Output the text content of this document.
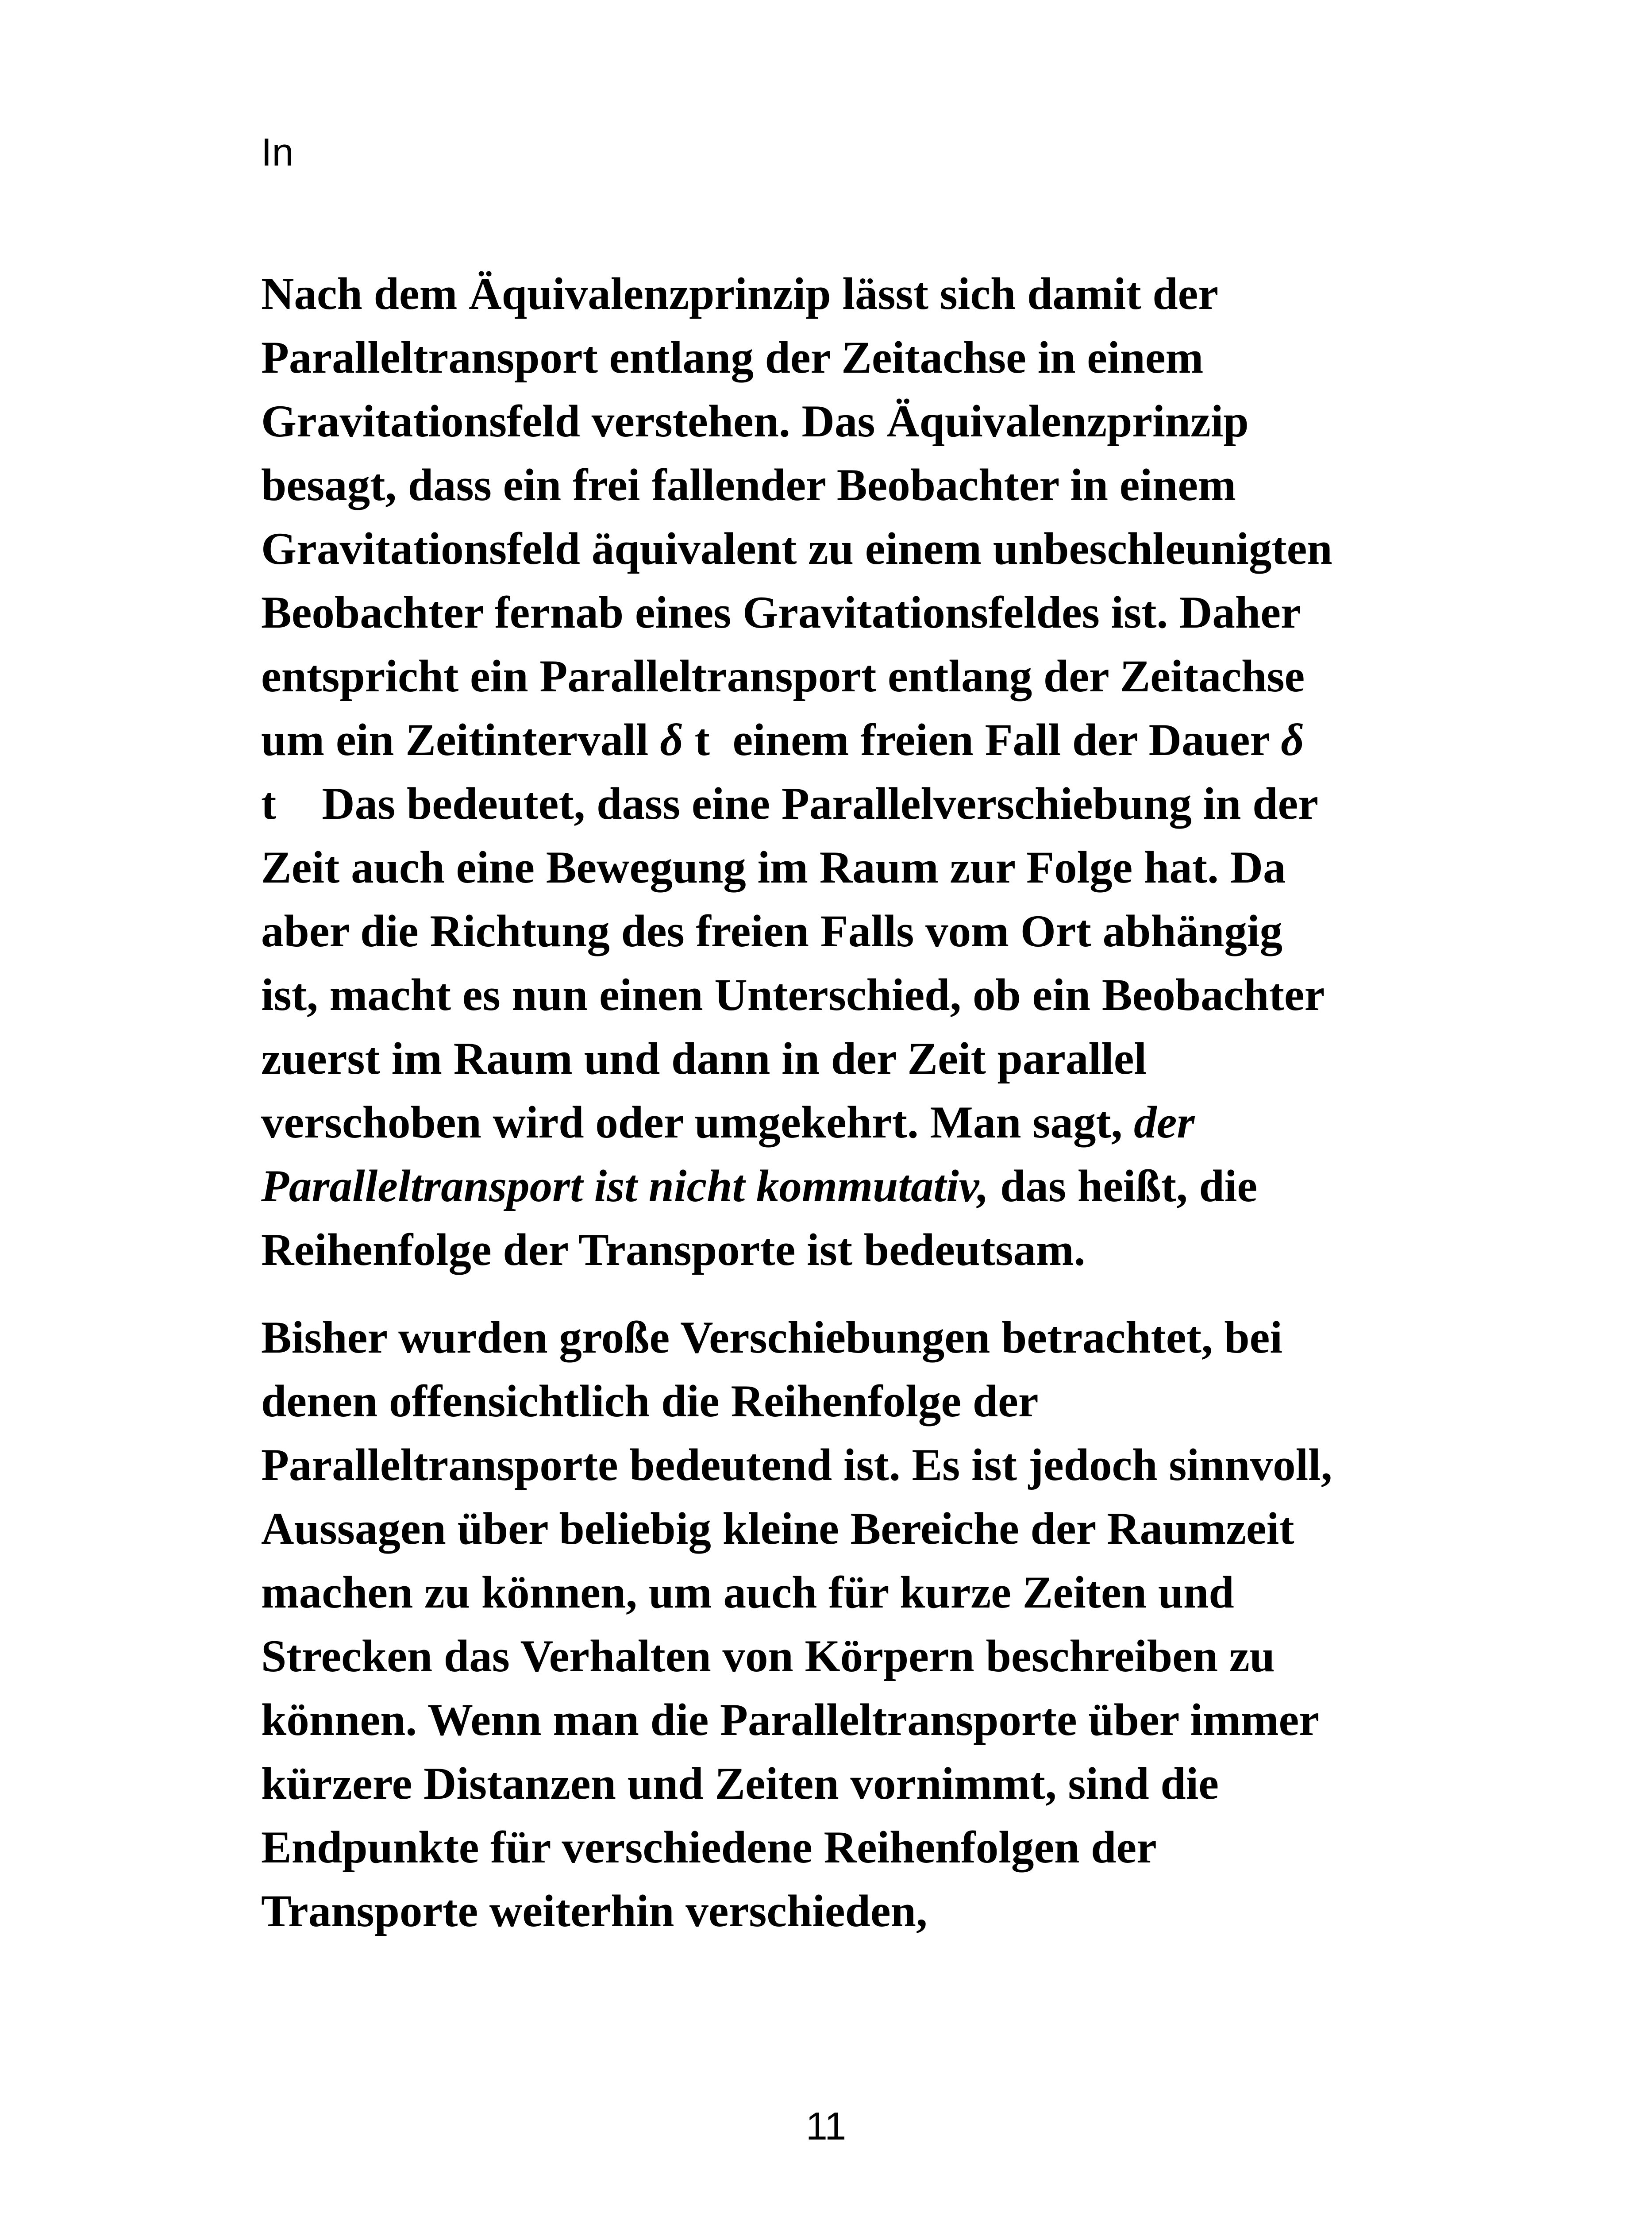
In

Nach dem Äquivalenzprinzip lässt sich damit der
Paralleltransport entlang der Zeitachse in einem
Gravitationsfeld verstehen. Das Äquivalenzprinzip
besagt, dass ein frei fallender Beobachter in einem
Gravitationsfeld äquivalent zu einem unbeschleunigten
Beobachter fernab eines Gravitationsfeldes ist. Daher
entspricht ein Paralleltransport entlang der Zeitachse
um ein Zeitintervall δ t  einem freien Fall der Dauer δ
t    Das bedeutet, dass eine Parallelverschiebung in der
Zeit auch eine Bewegung im Raum zur Folge hat. Da
aber die Richtung des freien Falls vom Ort abhängig
ist, macht es nun einen Unterschied, ob ein Beobachter
zuerst im Raum und dann in der Zeit parallel
verschoben wird oder umgekehrt. Man sagt, der
Paralleltransport ist nicht kommutativ, das heißt, die
Reihenfolge der Transporte ist bedeutsam.

Bisher wurden große Verschiebungen betrachtet, bei
denen offensichtlich die Reihenfolge der
Paralleltransporte bedeutend ist. Es ist jedoch sinnvoll,
Aussagen über beliebig kleine Bereiche der Raumzeit
machen zu können, um auch für kurze Zeiten und
Strecken das Verhalten von Körpern beschreiben zu
können. Wenn man die Paralleltransporte über immer
kürzere Distanzen und Zeiten vornimmt, sind die
Endpunkte für verschiedene Reihenfolgen der
Transporte weiterhin verschieden,

11
